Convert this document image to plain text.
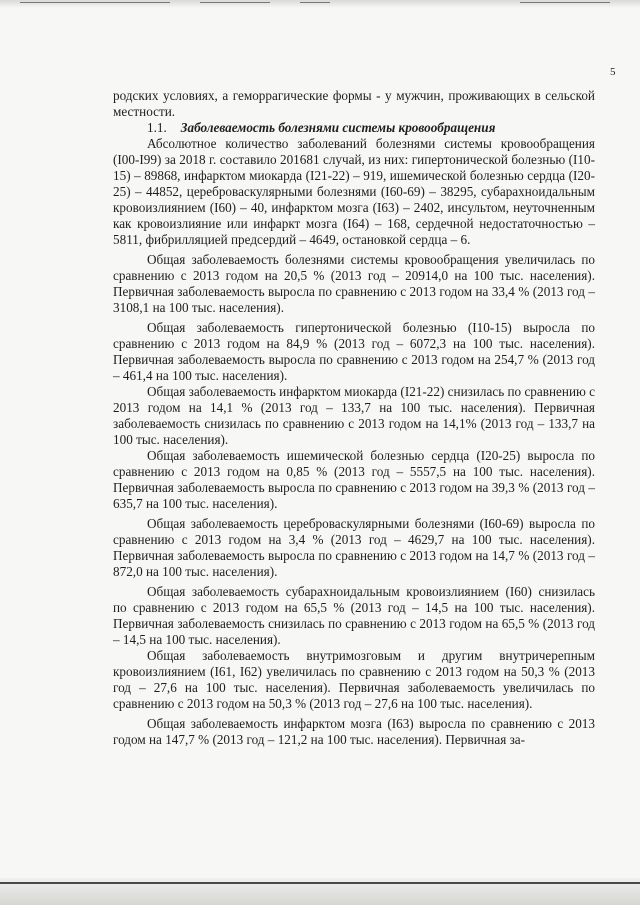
5

родских условиях, а геморрагические формы - у мужчин, проживающих в сельской местности.

1.1. Заболеваемость болезнями системы кровообращения

Абсолютное количество заболеваний болезнями системы кровообращения (I00-I99) за 2018 г. составило 201681 случай, из них: гипертонической болезнью (I10-15) – 89868, инфарктом миокарда (I21-22) – 919, ишемической болезнью сердца (I20-25) – 44852, цереброваскулярными болезнями (I60-69) – 38295, субарахноидальным кровоизлиянием (I60) – 40, инфарктом мозга (I63) – 2402, инсультом, неуточненным как кровоизлияние или инфаркт мозга (I64) – 168, сердечной недостаточностью – 5811, фибрилляцией предсердий – 4649, остановкой сердца – 6.

Общая заболеваемость болезнями системы кровообращения увеличилась по сравнению с 2013 годом на 20,5 % (2013 год – 20914,0 на 100 тыс. населения). Первичная заболеваемость выросла по сравнению с 2013 годом на 33,4 % (2013 год – 3108,1 на 100 тыс. населения).

Общая заболеваемость гипертонической болезнью (I10-15) выросла по сравнению с 2013 годом на 84,9 % (2013 год – 6072,3 на 100 тыс. населения). Первичная заболеваемость выросла по сравнению с 2013 годом на 254,7 % (2013 год – 461,4 на 100 тыс. населения).

Общая заболеваемость инфарктом миокарда (I21-22) снизилась по сравнению с 2013 годом на 14,1 % (2013 год – 133,7 на 100 тыс. населения). Первичная заболеваемость снизилась по сравнению с 2013 годом на 14,1% (2013 год – 133,7 на 100 тыс. населения).

Общая заболеваемость ишемической болезнью сердца (I20-25) выросла по сравнению с 2013 годом на 0,85 % (2013 год – 5557,5 на 100 тыс. населения). Первичная заболеваемость выросла по сравнению с 2013 годом на 39,3 % (2013 год – 635,7 на 100 тыс. населения).

Общая заболеваемость цереброваскулярными болезнями (I60-69) выросла по сравнению с 2013 годом на 3,4 % (2013 год – 4629,7 на 100 тыс. населения). Первичная заболеваемость выросла по сравнению с 2013 годом на 14,7 % (2013 год – 872,0 на 100 тыс. населения).

Общая заболеваемость субарахноидальным кровоизлиянием (I60) снизилась по сравнению с 2013 годом на 65,5 % (2013 год – 14,5 на 100 тыс. населения). Первичная заболеваемость снизилась по сравнению с 2013 годом на 65,5 % (2013 год – 14,5 на 100 тыс. населения).

Общая заболеваемость внутримозговым и другим внутричерепным кровоизлиянием (I61, I62) увеличилась по сравнению с 2013 годом на 50,3 % (2013 год – 27,6 на 100 тыс. населения). Первичная заболеваемость увеличилась по сравнению с 2013 годом на 50,3 % (2013 год – 27,6 на 100 тыс. населения).

Общая заболеваемость инфарктом мозга (I63) выросла по сравнению с 2013 годом на 147,7 % (2013 год – 121,2 на 100 тыс. населения). Первичная за-
